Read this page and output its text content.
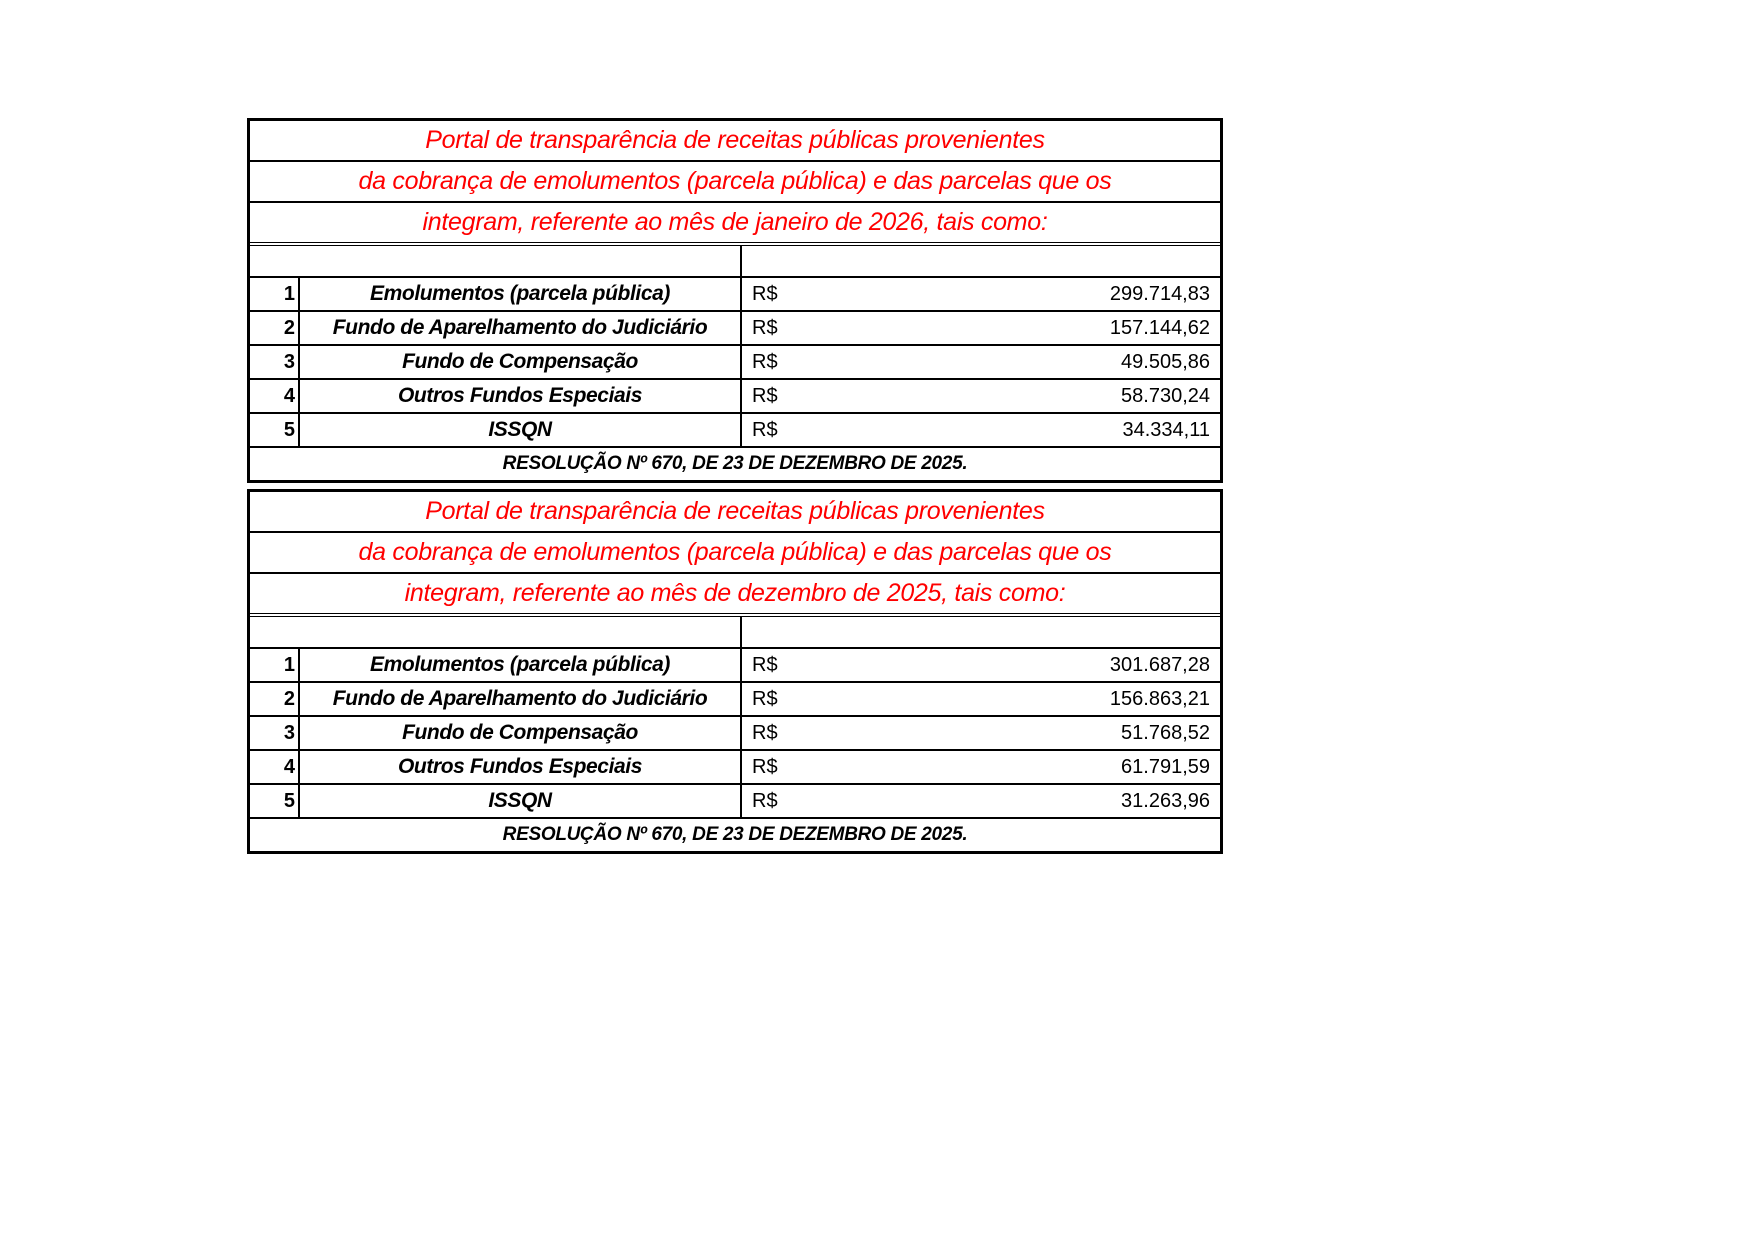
Portal de transparência de receitas públicas provenientes
da cobrança de emolumentos (parcela pública) e das parcelas que os
integram, referente ao mês de janeiro de 2026, tais como:
1	Emolumentos (parcela pública)	R$	299.714,83
2	Fundo de Aparelhamento do Judiciário	R$	157.144,62
3	Fundo de Compensação	R$	49.505,86
4	Outros Fundos Especiais	R$	58.730,24
5	ISSQN	R$	34.334,11
RESOLUÇÃO Nº 670, DE 23 DE DEZEMBRO DE 2025.
Portal de transparência de receitas públicas provenientes
da cobrança de emolumentos (parcela pública) e das parcelas que os
integram, referente ao mês de dezembro de 2025, tais como:
1	Emolumentos (parcela pública)	R$	301.687,28
2	Fundo de Aparelhamento do Judiciário	R$	156.863,21
3	Fundo de Compensação	R$	51.768,52
4	Outros Fundos Especiais	R$	61.791,59
5	ISSQN	R$	31.263,96
RESOLUÇÃO Nº 670, DE 23 DE DEZEMBRO DE 2025.
